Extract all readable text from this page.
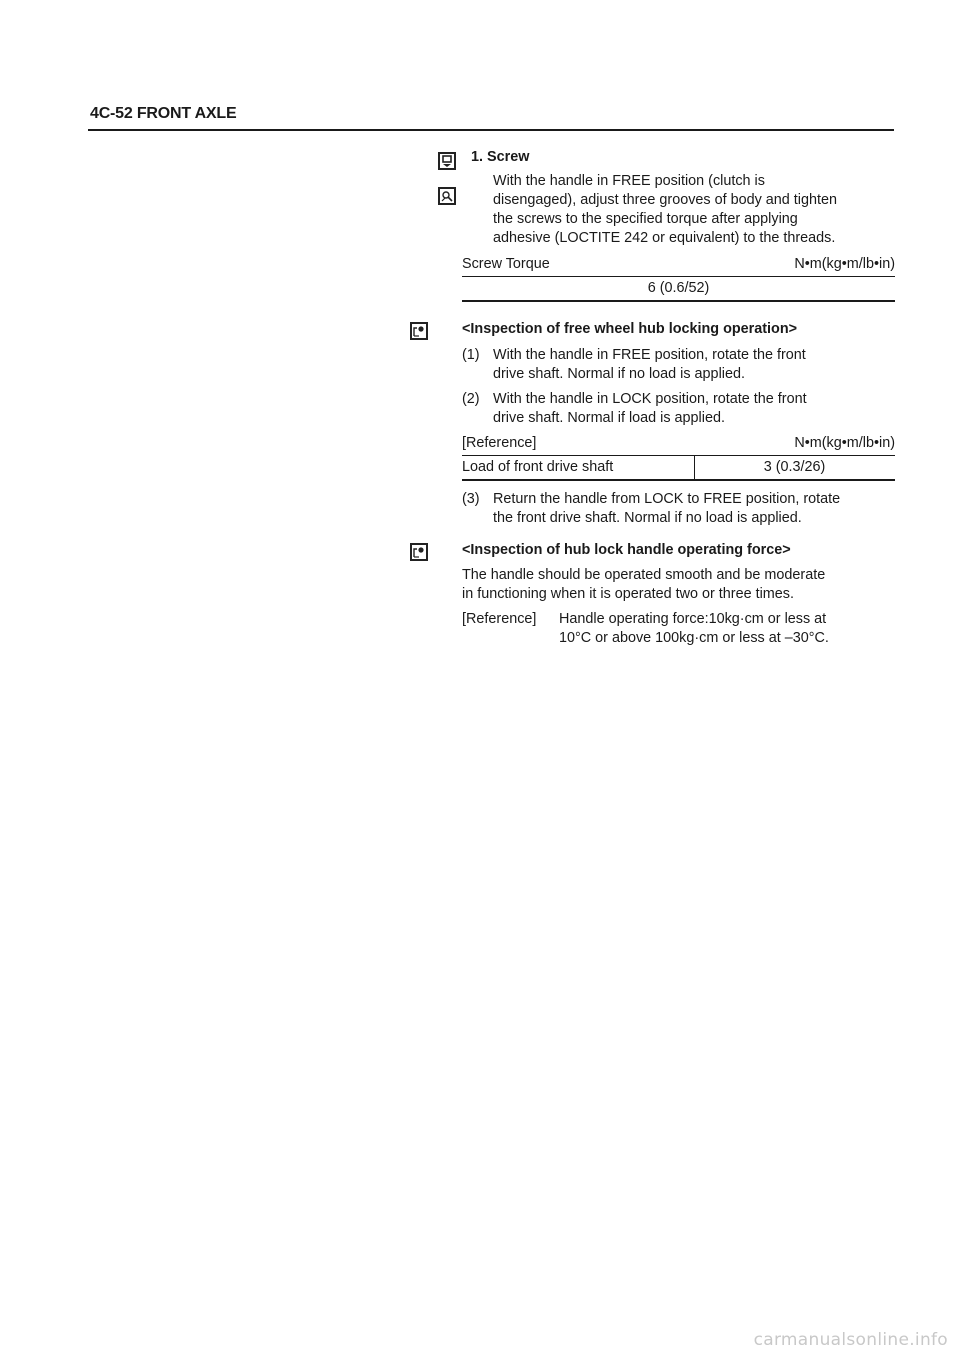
4C-52 FRONT AXLE
1. Screw
With the handle in FREE position (clutch is
disengaged), adjust three grooves of body and tighten
the screws to the specified torque after applying
adhesive (LOCTITE 242 or equivalent) to the threads.
Screw Torque	N•m(kg•m/lb•in)
6 (0.6/52)
<Inspection of free wheel hub locking operation>
(1) With the handle in FREE position, rotate the front
drive shaft. Normal if no load is applied.
(2) With the handle in LOCK position, rotate the front
drive shaft. Normal if load is applied.
[Reference]	N•m(kg•m/lb•in)
Load of front drive shaft	3 (0.3/26)
(3) Return the handle from LOCK to FREE position, rotate
the front drive shaft. Normal if no load is applied.
<Inspection of hub lock handle operating force>
The handle should be operated smooth and be moderate
in functioning when it is operated two or three times.
[Reference] Handle operating force:10kg·cm or less at
10°C or above 100kg·cm or less at –30°C.
carmanualsonline.info
